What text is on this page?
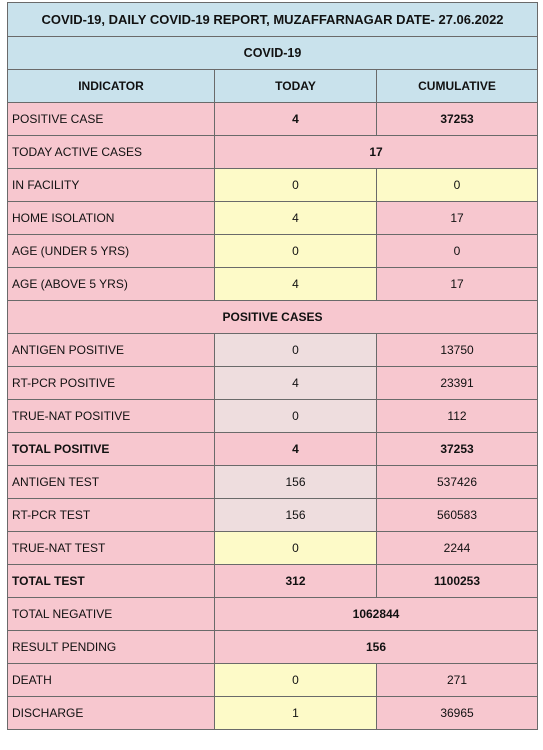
COVID-19, DAILY COVID-19 REPORT, MUZAFFARNAGAR DATE- 27.06.2022		
COVID-19		
INDICATOR	TODAY	CUMULATIVE
POSITIVE CASE	4	37253
TODAY ACTIVE CASES	17	
IN FACILITY	0	0
HOME ISOLATION	4	17
AGE (UNDER 5 YRS)	0	0
AGE (ABOVE 5 YRS)	4	17
POSITIVE CASES		
ANTIGEN POSITIVE	0	13750
RT-PCR POSITIVE	4	23391
TRUE-NAT POSITIVE	0	112
TOTAL POSITIVE	4	37253
ANTIGEN TEST	156	537426
RT-PCR TEST	156	560583
TRUE-NAT TEST	0	2244
TOTAL TEST	312	1100253
TOTAL NEGATIVE	1062844	
RESULT PENDING	156	
DEATH	0	271
DISCHARGE	1	36965
